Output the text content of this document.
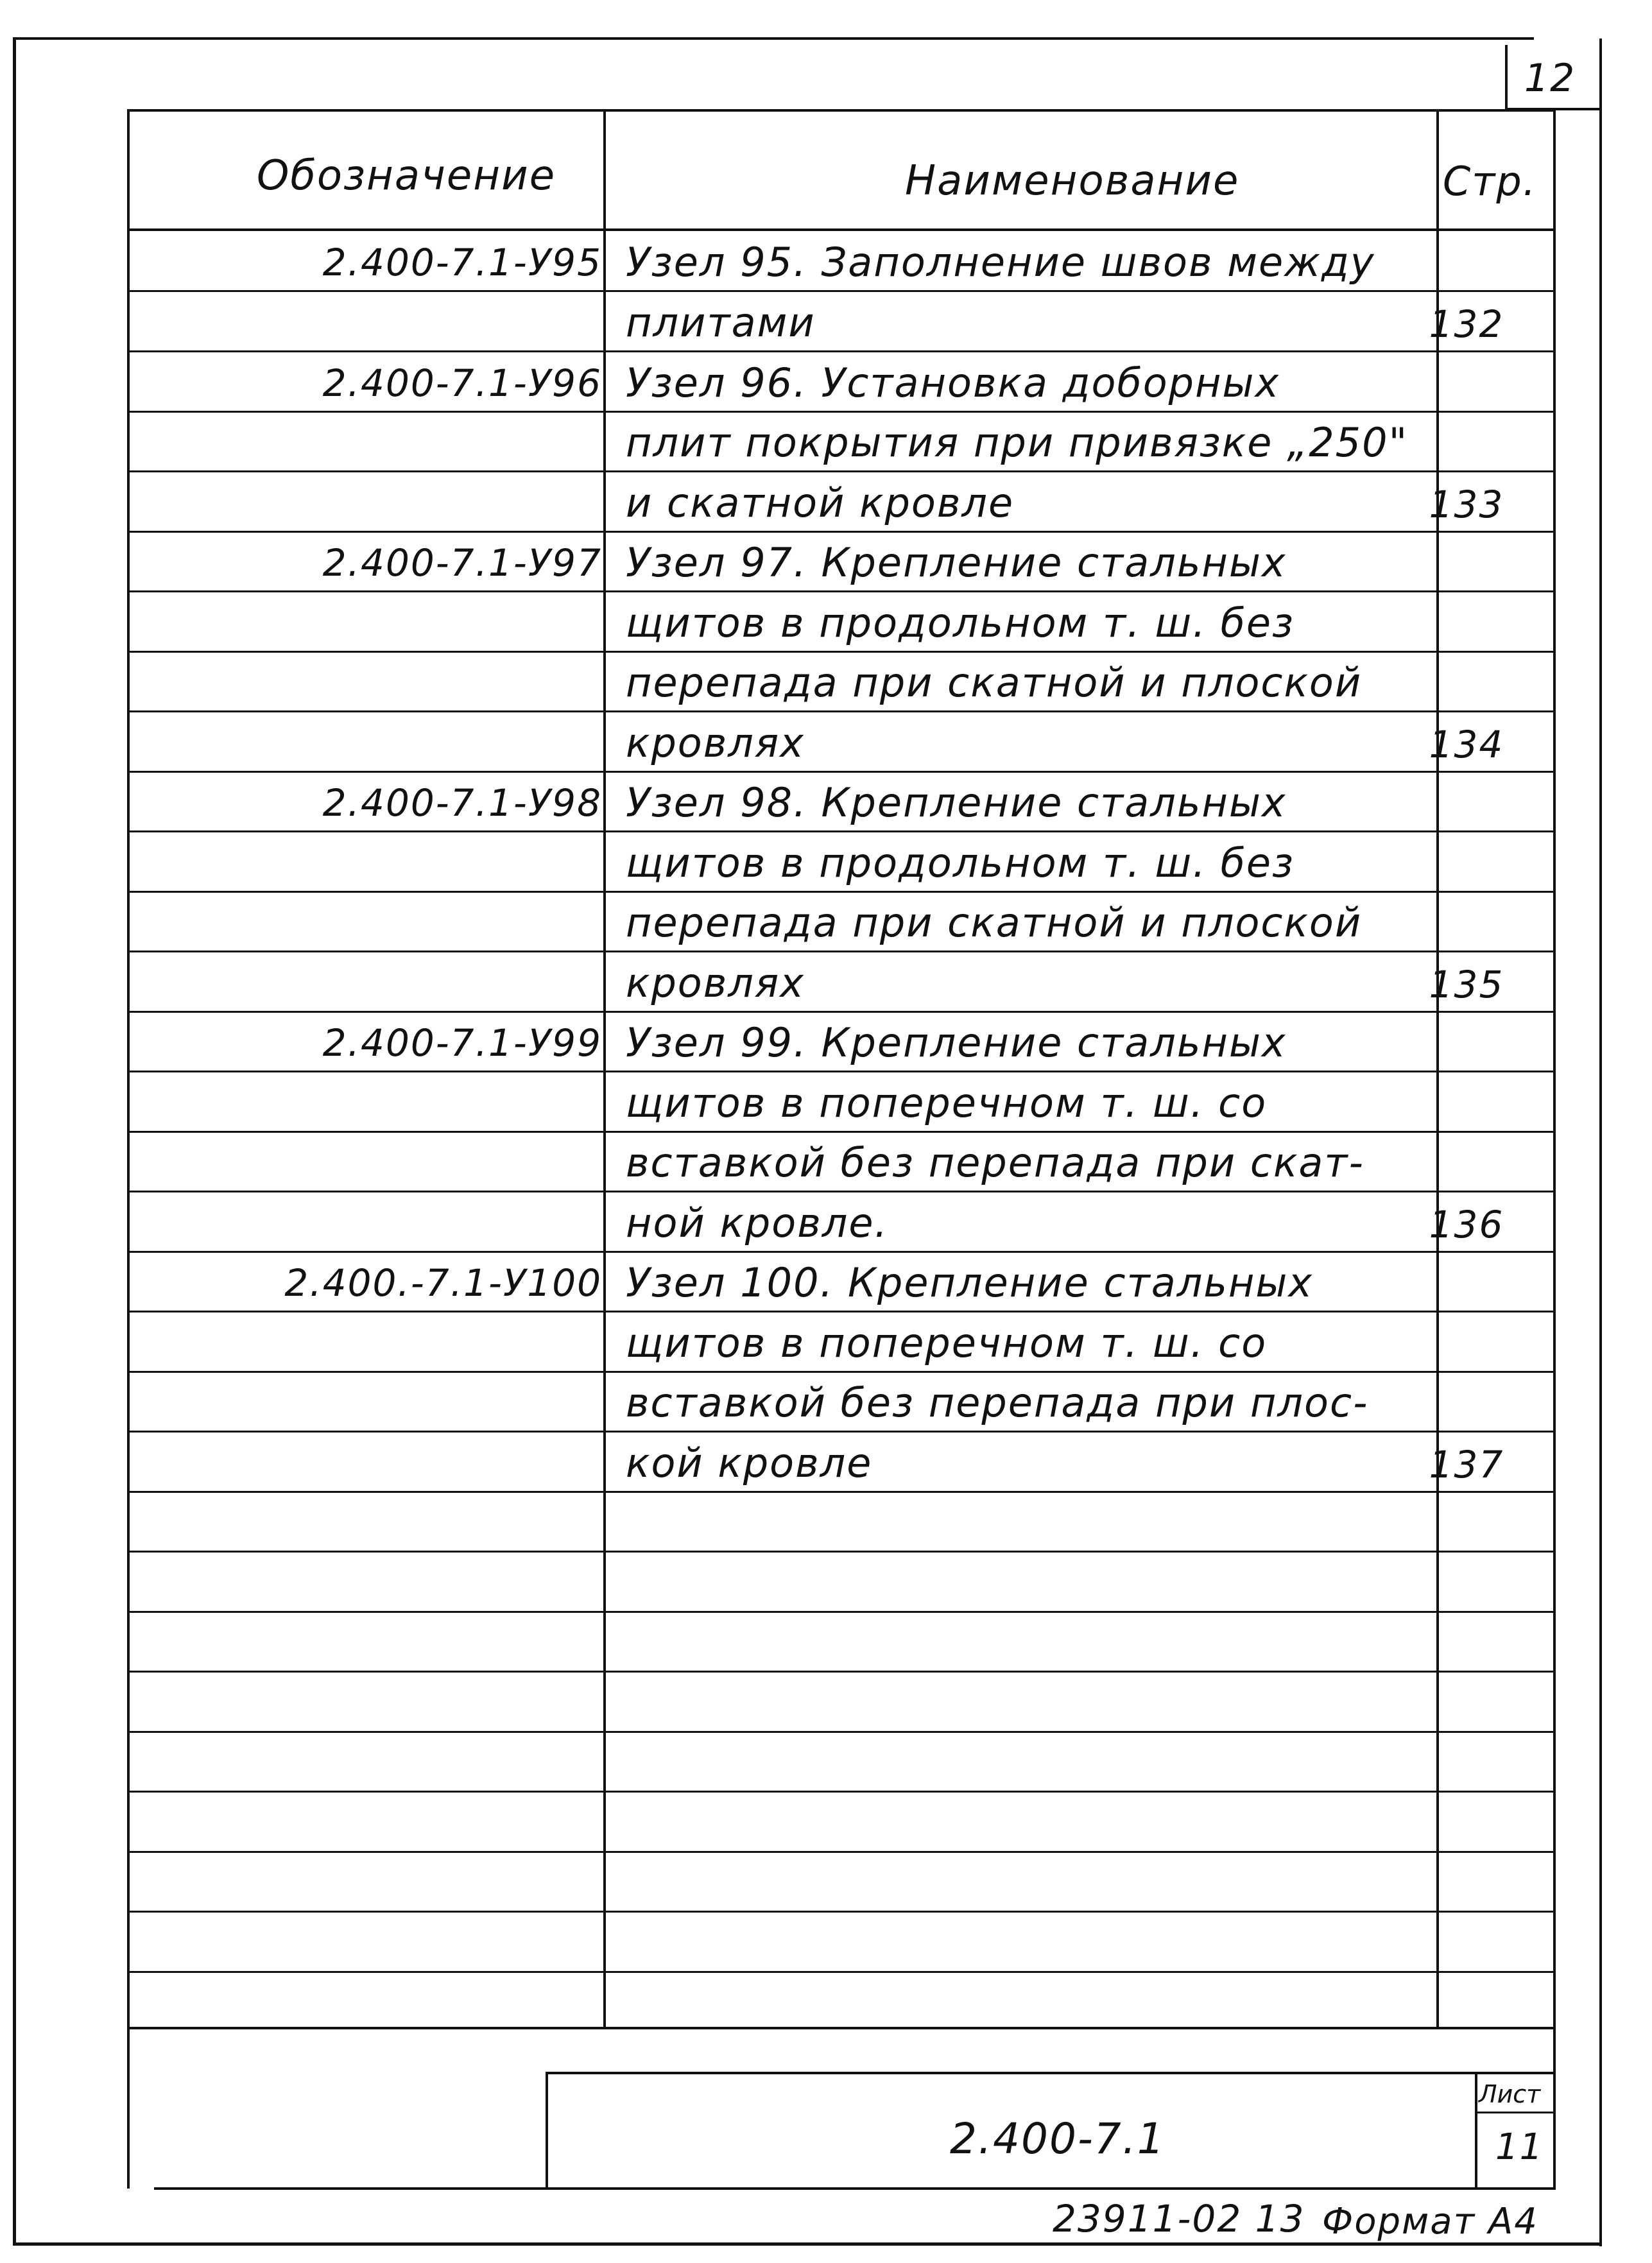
12
Обозначение	Наименование	Стр.
2.400-7.1-У95 Узел 95. Заполнение швов между
плитами	132
2.400-7.1-У96 Узел 96. Установка доборных
плит покрытия при привязке „250"
и скатной кровле	133
2.400-7.1-У97 Узел 97. Крепление стальных
щитов в продольном т. ш. без
перепада при скатной и плоской
кровлях	134
2.400-7.1-У98 Узел 98. Крепление стальных
щитов в продольном т. ш. без
перепада при скатной и плоской
кровлях	135
2.400-7.1-У99 Узел 99. Крепление стальных
щитов в поперечном т. ш. со
вставкой без перепада при скат-
ной кровле.	136
2.400.-7.1-У100 Узел 100. Крепление стальных
щитов в поперечном т. ш. со
вставкой без перепада при плос-
кой кровле	137
2.400-7.1
Лист
11
23911-02 13 Формат А4
